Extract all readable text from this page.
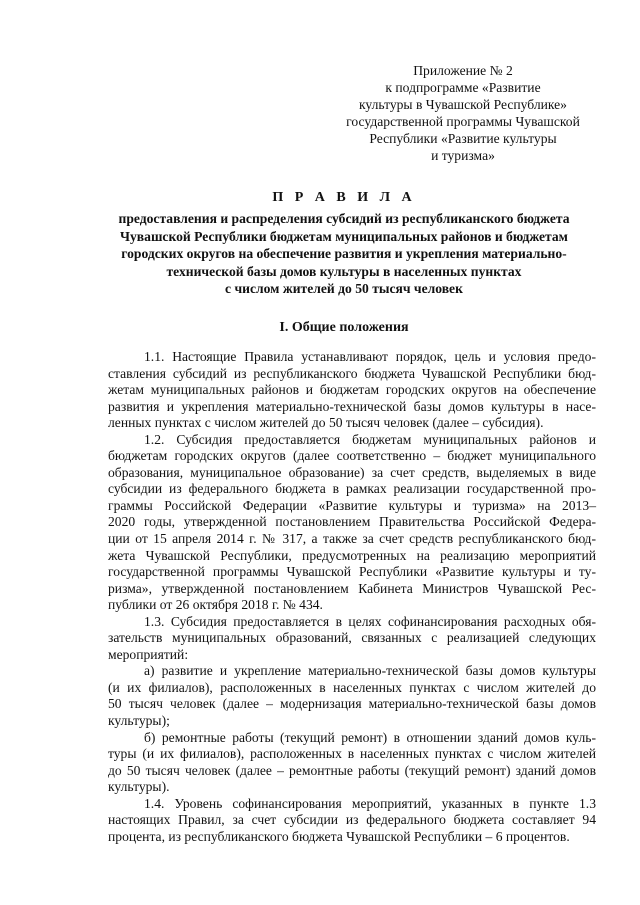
Приложение № 2
к подпрограмме «Развитие
культуры в Чувашской Республике»
государственной программы Чувашской
Республики «Развитие культуры
и туризма»
П Р А В И Л А
предоставления и распределения субсидий из республиканского бюджета
Чувашской Республики бюджетам муниципальных районов и бюджетам
городских округов на обеспечение развития и укрепления материально-
технической базы домов культуры в населенных пунктах
с числом жителей до 50 тысяч человек
I. Общие положения
1.1. Настоящие Правила устанавливают порядок, цель и условия предо-
ставления субсидий из республиканского бюджета Чувашской Республики бюд-
жетам муниципальных районов и бюджетам городских округов на обеспечение
развития и укрепления материально-технической базы домов культуры в насе-
ленных пунктах с числом жителей до 50 тысяч человек (далее – субсидия).
1.2. Субсидия предоставляется бюджетам муниципальных районов и
бюджетам городских округов (далее соответственно – бюджет муниципального
образования, муниципальное образование) за счет средств, выделяемых в виде
субсидии из федерального бюджета в рамках реализации государственной про-
граммы Российской Федерации «Развитие культуры и туризма» на 2013–
2020 годы, утвержденной постановлением Правительства Российской Федера-
ции от 15 апреля 2014 г. № 317, а также за счет средств республиканского бюд-
жета Чувашской Республики, предусмотренных на реализацию мероприятий
государственной программы Чувашской Республики «Развитие культуры и ту-
ризма», утвержденной постановлением Кабинета Министров Чувашской Рес-
публики от 26 октября 2018 г. № 434.
1.3. Субсидия предоставляется в целях софинансирования расходных обя-
зательств муниципальных образований, связанных с реализацией следующих
мероприятий:
а) развитие и укрепление материально-технической базы домов культуры
(и их филиалов), расположенных в населенных пунктах с числом жителей до
50 тысяч человек (далее – модернизация материально-технической базы домов
культуры);
б) ремонтные работы (текущий ремонт) в отношении зданий домов куль-
туры (и их филиалов), расположенных в населенных пунктах с числом жителей
до 50 тысяч человек (далее – ремонтные работы (текущий ремонт) зданий домов
культуры).
1.4. Уровень софинансирования мероприятий, указанных в пункте 1.3
настоящих Правил, за счет субсидии из федерального бюджета составляет 94
процента, из республиканского бюджета Чувашской Республики – 6 процентов.
